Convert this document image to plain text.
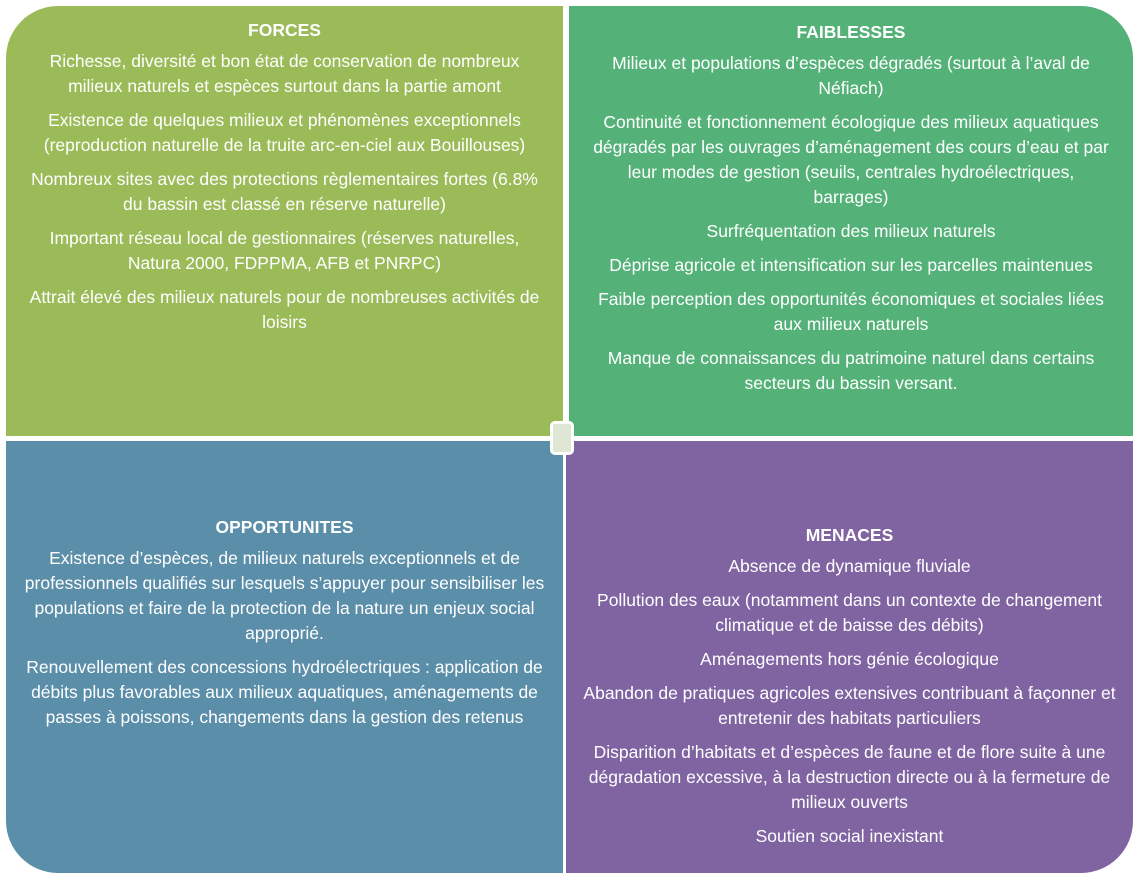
FORCES
Richesse, diversité et bon état de conservation de nombreux milieux naturels et espèces surtout dans la partie amont
Existence de quelques milieux et phénomènes exceptionnels (reproduction naturelle de la truite arc-en-ciel aux Bouillouses)
Nombreux sites avec des protections règlementaires fortes (6.8% du bassin est classé en réserve naturelle)
Important réseau local de gestionnaires (réserves naturelles, Natura 2000, FDPPMA, AFB et PNRPC)
Attrait élevé des milieux naturels pour de nombreuses activités de loisirs
FAIBLESSES
Milieux et populations d’espèces dégradés (surtout à l’aval de Néfiach)
Continuité et fonctionnement écologique des milieux aquatiques dégradés par les ouvrages d’aménagement des cours d’eau et par leur modes de gestion (seuils, centrales hydroélectriques, barrages)
Surfréquentation des milieux naturels
Déprise agricole et intensification sur les parcelles maintenues
Faible perception des opportunités économiques et sociales liées aux milieux naturels
Manque de connaissances du patrimoine naturel dans certains secteurs du bassin versant.
OPPORTUNITES
Existence d’espèces, de milieux naturels exceptionnels et de professionnels qualifiés sur lesquels s’appuyer pour sensibiliser les populations et faire de la protection de la nature un enjeux social approprié.
Renouvellement des concessions hydroélectriques : application de débits plus favorables aux milieux aquatiques, aménagements de passes à poissons, changements dans la gestion des retenus
MENACES
Absence de dynamique fluviale
Pollution des eaux (notamment dans un contexte de changement climatique et de baisse des débits)
Aménagements hors génie écologique
Abandon de pratiques agricoles extensives contribuant à façonner et entretenir des habitats particuliers
Disparition d’habitats et d’espèces de faune et de flore suite à une dégradation excessive, à la destruction directe ou à la fermeture de milieux ouverts
Soutien social inexistant
